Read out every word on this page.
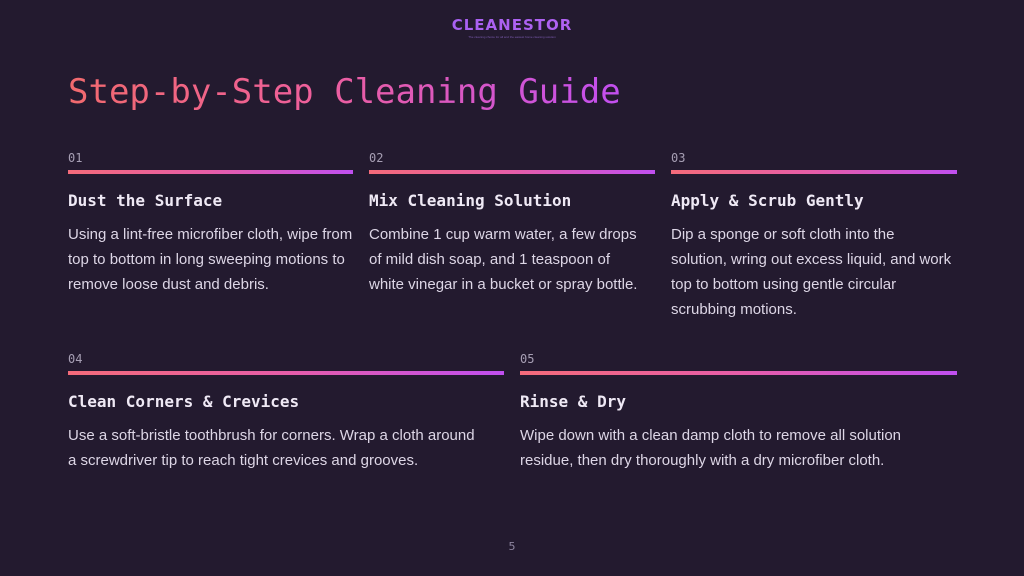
CLEANESTOR
The cleaning choice for all and the easiest home cleaning solution
Step-by-Step Cleaning Guide
01
Dust the Surface
Using a lint-free microfiber cloth, wipe from top to bottom in long sweeping motions to remove loose dust and debris.
02
Mix Cleaning Solution
Combine 1 cup warm water, a few drops of mild dish soap, and 1 teaspoon of white vinegar in a bucket or spray bottle.
03
Apply & Scrub Gently
Dip a sponge or soft cloth into the solution, wring out excess liquid, and work top to bottom using gentle circular scrubbing motions.
04
Clean Corners & Crevices
Use a soft-bristle toothbrush for corners. Wrap a cloth around a screwdriver tip to reach tight crevices and grooves.
05
Rinse & Dry
Wipe down with a clean damp cloth to remove all solution residue, then dry thoroughly with a dry microfiber cloth.
5
